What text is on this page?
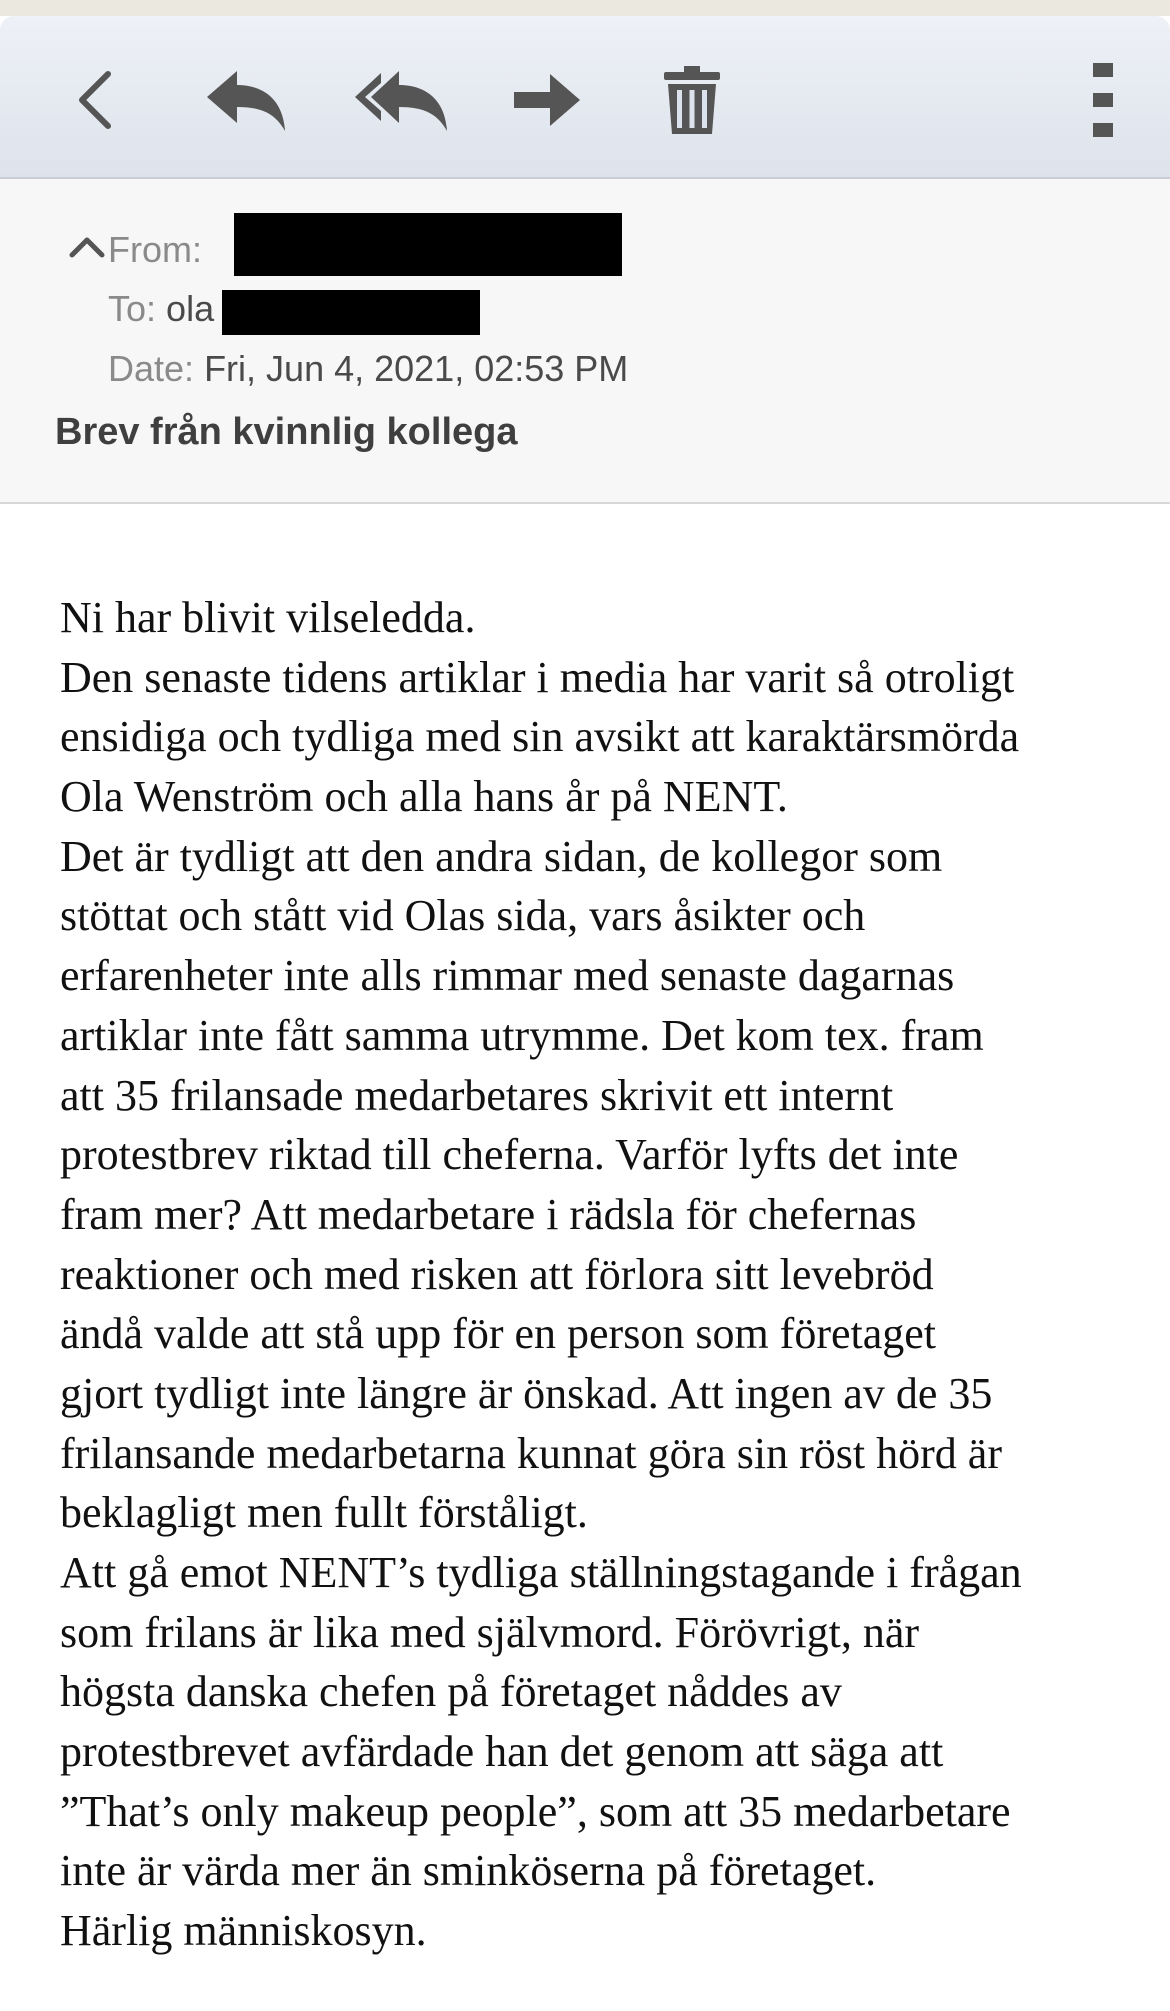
From:
To: ola
Date: Fri, Jun 4, 2021, 02:53 PM
Brev från kvinnlig kollega
Ni har blivit vilseledda.
Den senaste tidens artiklar i media har varit så otroligt
ensidiga och tydliga med sin avsikt att karaktärsmörda
Ola Wenström och alla hans år på NENT.
Det är tydligt att den andra sidan, de kollegor som
stöttat och stått vid Olas sida, vars åsikter och
erfarenheter inte alls rimmar med senaste dagarnas
artiklar inte fått samma utrymme. Det kom tex. fram
att 35 frilansade medarbetares skrivit ett internt
protestbrev riktad till cheferna. Varför lyfts det inte
fram mer? Att medarbetare i rädsla för chefernas
reaktioner och med risken att förlora sitt levebröd
ändå valde att stå upp för en person som företaget
gjort tydligt inte längre är önskad. Att ingen av de 35
frilansande medarbetarna kunnat göra sin röst hörd är
beklagligt men fullt förståligt.
Att gå emot NENT’s tydliga ställningstagande i frågan
som frilans är lika med självmord. Förövrigt, när
högsta danska chefen på företaget nåddes av
protestbrevet avfärdade han det genom att säga att
”That’s only makeup people”, som att 35 medarbetare
inte är värda mer än sminköserna på företaget.
Härlig människosyn.
